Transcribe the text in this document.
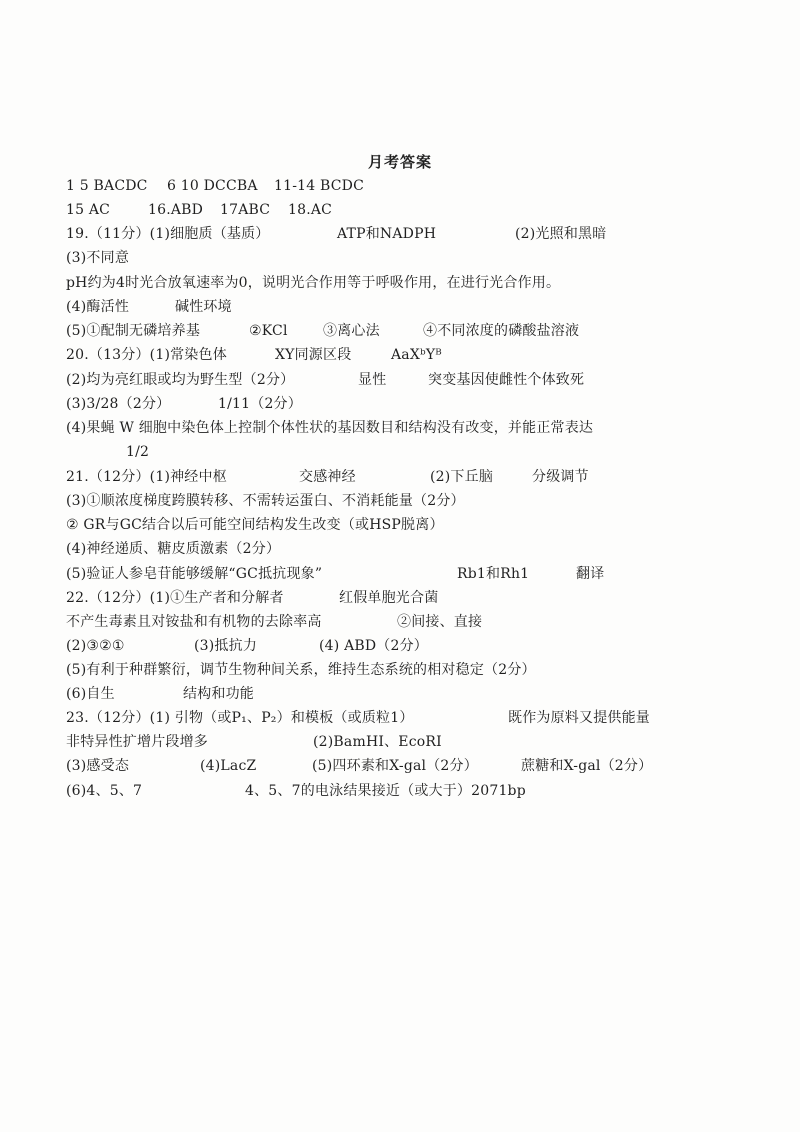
月考答案
1 5 BACDC 6 10 DCCBA 11-14 BCDC
15 AC	16.ABD 17ABC 18.AC
19.（11分）(1)细胞质（基质）	ATP和NADPH	(2)光照和黑暗
(3)不同意
pH约为4时光合放氧速率为0，说明光合作用等于呼吸作用，在进行光合作用。
(4)酶活性	碱性环境
(5)①配制无磷培养基	②KCl	③离心法	④不同浓度的磷酸盐溶液
20.（13分）(1)常染色体	XY同源区段	AaXᵇYᴮ
(2)均为亮红眼或均为野生型（2分）	显性	突变基因使雌性个体致死
(3)3/28（2分）	1/11（2分）
(4)果蝇 W 细胞中染色体上控制个体性状的基因数目和结构没有改变，并能正常表达
1/2
21.（12分）(1)神经中枢	交感神经	(2)下丘脑	分级调节
(3)①顺浓度梯度跨膜转移、不需转运蛋白、不消耗能量（2分）
② GR与GC结合以后可能空间结构发生改变（或HSP脱离）
(4)神经递质、糖皮质激素（2分）
(5)验证人参皂苷能够缓解“GC抵抗现象”	Rb1和Rh1	翻译
22.（12分）(1)①生产者和分解者	红假单胞光合菌
不产生毒素且对铵盐和有机物的去除率高	②间接、直接
(2)③②①	(3)抵抗力	(4) ABD（2分）
(5)有利于种群繁衍，调节生物种间关系，维持生态系统的相对稳定（2分）
(6)自生	结构和功能
23.（12分）(1) 引物（或P₁、P₂）和模板（或质粒1）	既作为原料又提供能量
非特异性扩增片段增多	(2)BamHⅠ、EcoRⅠ
(3)感受态	(4)LacZ	(5)四环素和X-gal（2分）	蔗糖和X-gal（2分）
(6)4、5、7	4、5、7的电泳结果接近（或大于）2071bp
